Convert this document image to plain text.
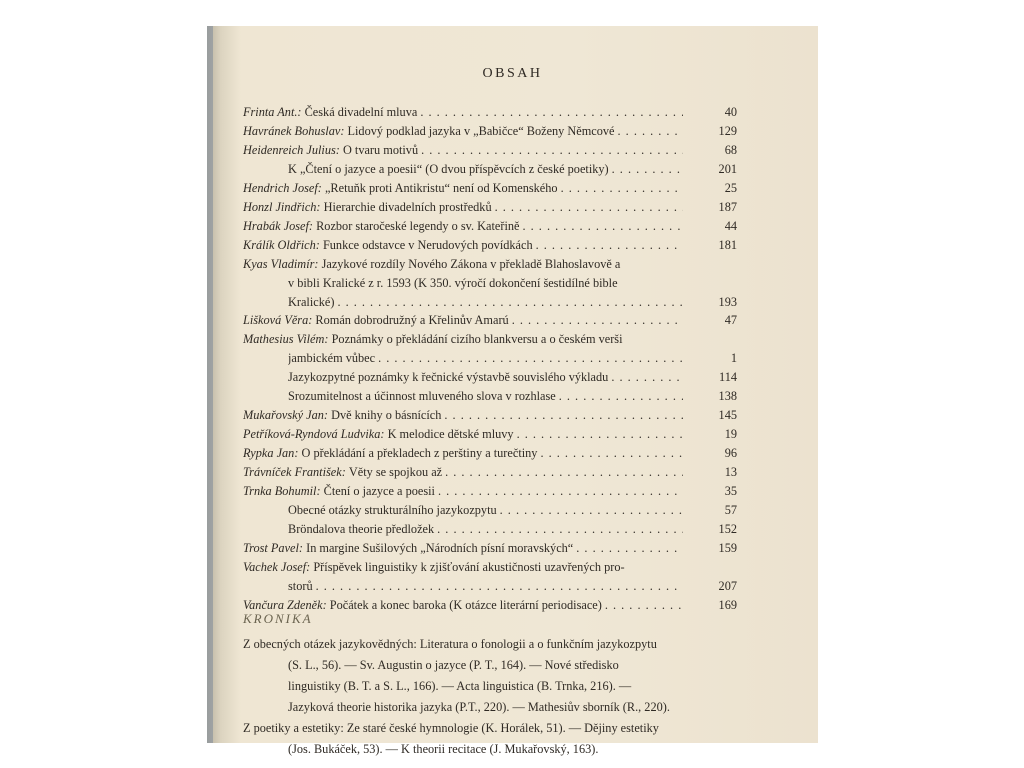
OBSAH
Frinta Ant.:
Česká divadelní mluva . . .	40
Havránek Bohuslav:
Lidový podklad jazyka v „Babičce“ Boženy Němcové . . .	129
Heidenreich Julius:
O tvaru motivů . . .	68
K „Čtení o jazyce a poesii“ (O dvou příspěvcích z české poetiky) . . .	201
Hendrich Josef:
„Retuňk proti Antikristu“ není od Komenského . . .	25
Honzl Jindřich:
Hierarchie divadelních prostředků . . .	187
Hrabák Josef:
Rozbor staročeské legendy o sv. Kateřině . . .	44
Králík Oldřich:
Funkce odstavce v Nerudových povídkách . . .	181
Kyas Vladimír:
Jazykové rozdíly Nového Zákona v překladě Blahoslavově a
v bibli Kralické z r. 1593 (K 350. výročí dokončení šestidílné bible
Kralické) . . .	193
Lišková Věra:
Román dobrodružný a Křelinův Amarú . . .	47
Mathesius Vilém:
Poznámky o překládání cizího blankversu a o českém verši
jambickém vůbec . . .	1
Jazykozpytné poznámky k řečnické výstavbě souvislého výkladu . . .	114
Srozumitelnost a účinnost mluveného slova v rozhlase . . .	138
Mukařovský Jan:
Dvě knihy o básnících . . .	145
Petříková-Ryndová Ludvika:
K melodice dětské mluvy . . .	19
Rypka Jan:
O překládání a překladech z perštiny a turečtiny . . .	96
Trávníček František:
Věty se spojkou až . . .	13
Trnka Bohumil:
Čtení o jazyce a poesii . . .	35
Obecné otázky strukturálního jazykozpytu . . .	57
Bröndalova theorie předložek . . .	152
Trost Pavel:
In margine Sušilových „Národních písní moravských“ . . .	159
Vachek Josef:
Příspěvek linguistiky k zjišťování akustičnosti uzavřených pro-
storů . . .	207
Vančura Zdeněk:
Počátek a konec baroka (K otázce literární periodisace) . . .	169
KRONIKA
Z obecných otázek jazykovědných: Literatura o fonologii a o funkčním jazykozpytu
(S. L., 56). — Sv. Augustin o jazyce (P. T., 164). — Nové středisko
linguistiky (B. T. a S. L., 166). — Acta linguistica (B. Trnka, 216). —
Jazyková theorie historika jazyka (P.T., 220). — Mathesiův sborník (R., 220).
Z poetiky a estetiky: Ze staré české hymnologie (K. Horálek, 51). — Dějiny estetiky
(Jos. Bukáček, 53). — K theorii recitace (J. Mukařovský, 163).
